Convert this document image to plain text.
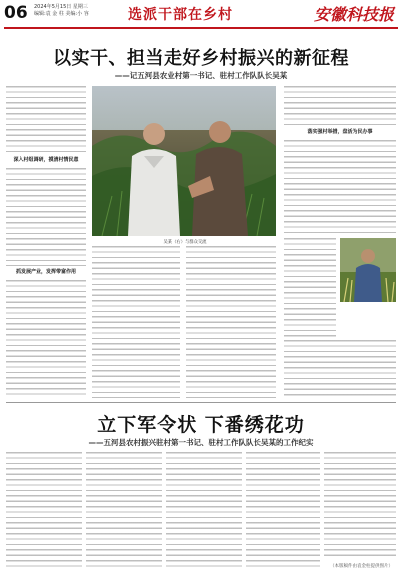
06 2024年5月15日 星期三
编辑:袁 金 柱 美编:小 容	选派干部在乡村	安徽科技报
以实干、担当走好乡村振兴的新征程
——记五河县农业村第一书记、驻村工作队队长吴某
深入村组调研，摸清村情民意
抓发展产业，发挥带富作用
吴某（右）与群众交流
落实强村举措，盘活为民办事
立下军令状 下番绣花功
——五河县农村振兴驻村第一书记、驻村工作队队长吴某的工作纪实
（本版稿件由袁金柱提供图片）
